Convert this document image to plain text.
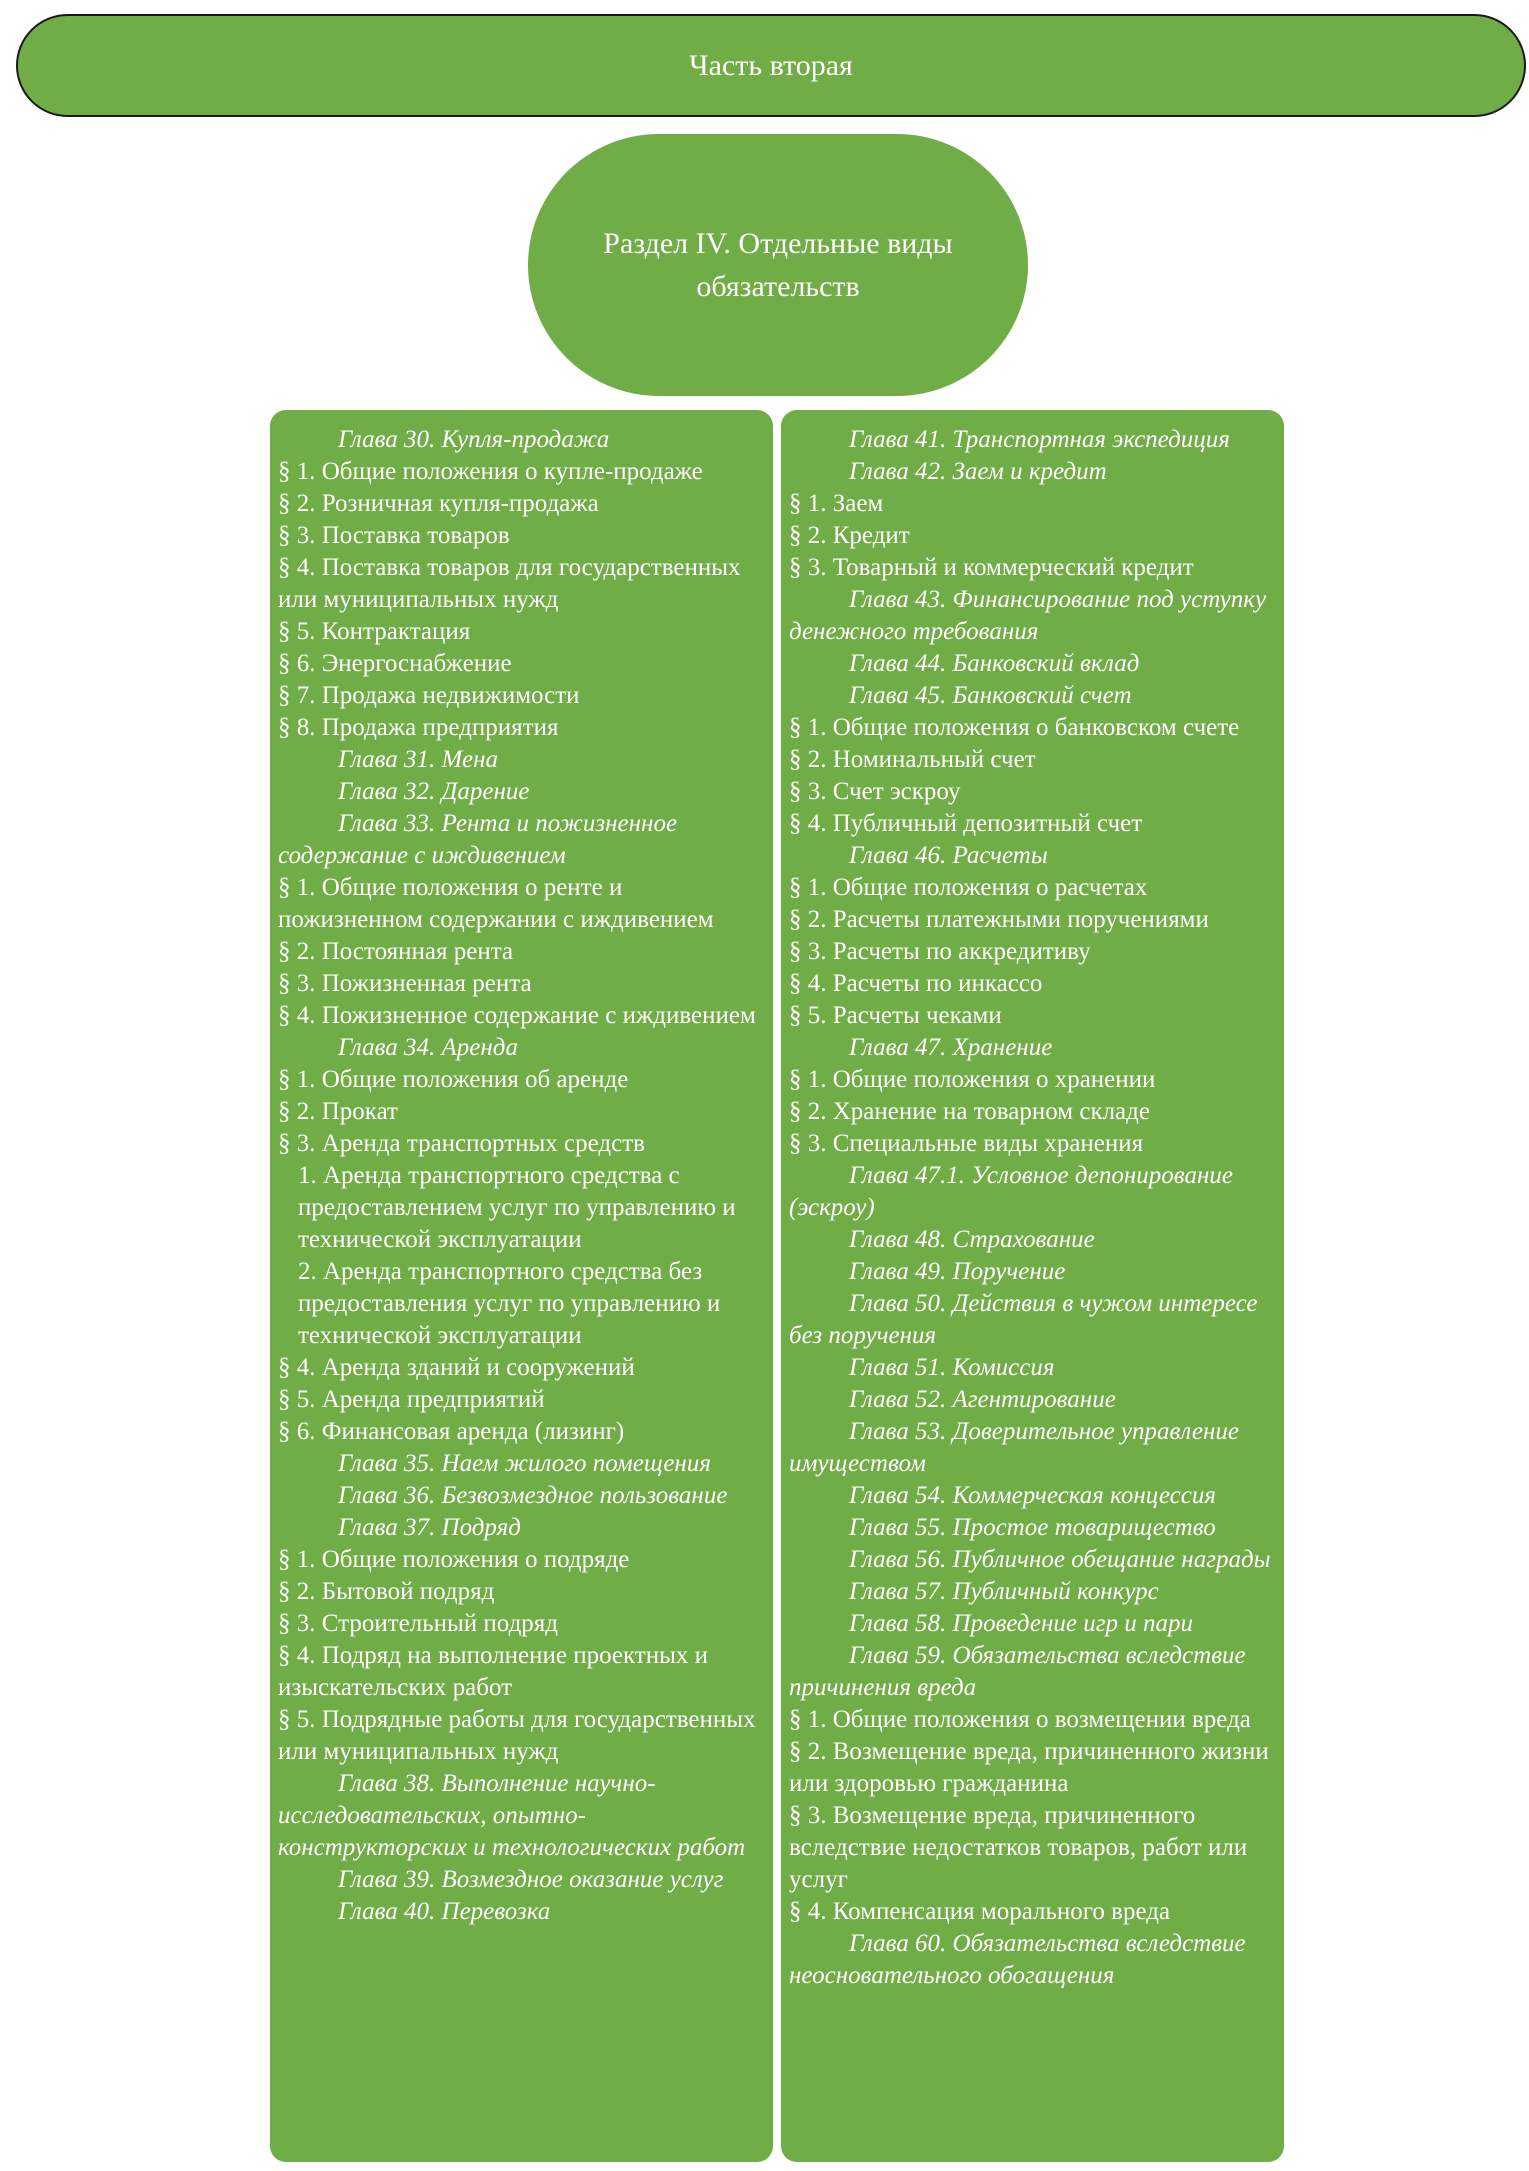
Часть вторая
Раздел IV. Отдельные виды обязательств

Глава 30. Купля-продажа

§ 1. Общие положения о купле-продаже

§ 2. Розничная купля-продажа

§ 3. Поставка товаров

§ 4. Поставка товаров для государственных или муниципальных нужд

§ 5. Контрактация

§ 6. Энергоснабжение

§ 7. Продажа недвижимости

§ 8. Продажа предприятия

Глава 31. Мена

Глава 32. Дарение

Глава 33. Рента и пожизненное содержание с иждивением

§ 1. Общие положения о ренте и пожизненном содержании с иждивением

§ 2. Постоянная рента

§ 3. Пожизненная рента

§ 4. Пожизненное содержание с иждивением

Глава 34. Аренда

§ 1. Общие положения об аренде

§ 2. Прокат

§ 3. Аренда транспортных средств

1. Аренда транспортного средства с предоставлением услуг по управлению и технической эксплуатации

2. Аренда транспортного средства без предоставления услуг по управлению и технической эксплуатации

§ 4. Аренда зданий и сооружений

§ 5. Аренда предприятий

§ 6. Финансовая аренда (лизинг)

Глава 35. Наем жилого помещения

Глава 36. Безвозмездное пользование

Глава 37. Подряд

§ 1. Общие положения о подряде

§ 2. Бытовой подряд

§ 3. Строительный подряд

§ 4. Подряд на выполнение проектных и изыскательских работ

§ 5. Подрядные работы для государственных или муниципальных нужд

Глава 38. Выполнение научно-исследовательских, опытно-конструкторских и технологических работ

Глава 39. Возмездное оказание услуг

Глава 40. Перевозка

Глава 41. Транспортная экспедиция

Глава 42. Заем и кредит

§ 1. Заем

§ 2. Кредит

§ 3. Товарный и коммерческий кредит

Глава 43. Финансирование под уступку денежного требования

Глава 44. Банковский вклад

Глава 45. Банковский счет

§ 1. Общие положения о банковском счете

§ 2. Номинальный счет

§ 3. Счет эскроу

§ 4. Публичный депозитный счет

Глава 46. Расчеты

§ 1. Общие положения о расчетах

§ 2. Расчеты платежными поручениями

§ 3. Расчеты по аккредитиву

§ 4. Расчеты по инкассо

§ 5. Расчеты чеками

Глава 47. Хранение

§ 1. Общие положения о хранении

§ 2. Хранение на товарном складе

§ 3. Специальные виды хранения

Глава 47.1. Условное депонирование (эскроу)

Глава 48. Страхование

Глава 49. Поручение

Глава 50. Действия в чужом интересе без поручения

Глава 51. Комиссия

Глава 52. Агентирование

Глава 53. Доверительное управление имуществом

Глава 54. Коммерческая концессия

Глава 55. Простое товарищество

Глава 56. Публичное обещание награды

Глава 57. Публичный конкурс

Глава 58. Проведение игр и пари

Глава 59. Обязательства вследствие причинения вреда

§ 1. Общие положения о возмещении вреда

§ 2. Возмещение вреда, причиненного жизни или здоровью гражданина

§ 3. Возмещение вреда, причиненного вследствие недостатков товаров, работ или услуг

§ 4. Компенсация морального вреда

Глава 60. Обязательства вследствие неосновательного обогащения
